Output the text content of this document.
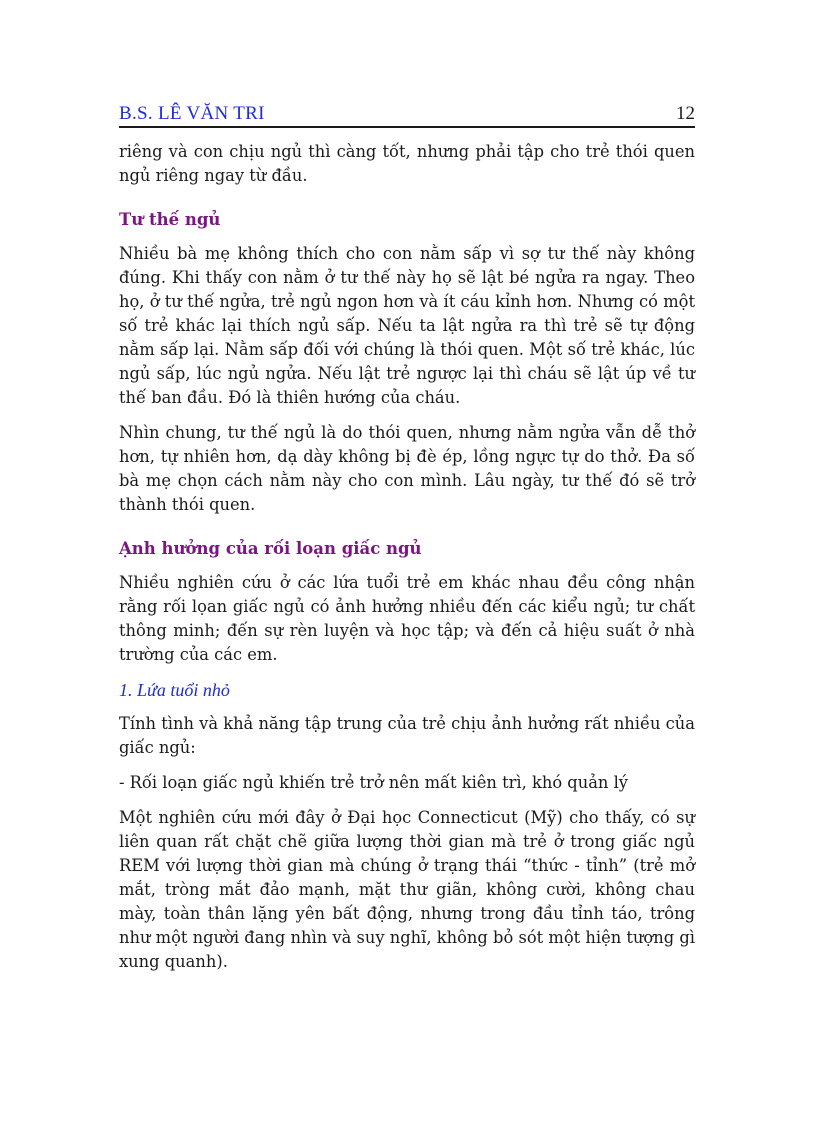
B.S. LÊ VĂN TRI	12

riêng và con chịu ngủ thì càng tốt, nhưng phải tập cho trẻ thói quen ngủ riêng ngay từ đầu.

Tư thế ngủ

Nhiều bà mẹ không thích cho con nằm sấp vì sợ tư thế này không đúng. Khi thấy con nằm ở tư thế này họ sẽ lật bé ngửa ra ngay. Theo họ, ở tư thế ngửa, trẻ ngủ ngon hơn và ít cáu kỉnh hơn. Nhưng có một số trẻ khác lại thích ngủ sấp. Nếu ta lật ngửa ra thì trẻ sẽ tự động nằm sấp lại. Nằm sấp đối với chúng là thói quen. Một số trẻ khác, lúc ngủ sấp, lúc ngủ ngửa. Nếu lật trẻ ngược lại thì cháu sẽ lật úp về tư thế ban đầu. Đó là thiên hướng của cháu.

Nhìn chung, tư thế ngủ là do thói quen, nhưng nằm ngửa vẫn dễ thở hơn, tự nhiên hơn, dạ dày không bị đè ép, lồng ngực tự do thở. Đa số bà mẹ chọn cách nằm này cho con mình. Lâu ngày, tư thế đó sẽ trở thành thói quen.

Ạnh hưởng của rối loạn giấc ngủ

Nhiều nghiên cứu ở các lứa tuổi trẻ em khác nhau đều công nhận rằng rối lọan giấc ngủ có ảnh hưởng nhiều đến các kiểu ngủ; tư chất thông minh; đến sự rèn luyện và học tập; và đến cả hiệu suất ở nhà trường của các em.

1. Lứa tuổi nhỏ

Tính tình và khả năng tập trung của trẻ chịu ảnh hưởng rất nhiều của giấc ngủ:

- Rối loạn giấc ngủ khiến trẻ trở nên mất kiên trì, khó quản lý

Một nghiên cứu mới đây ở Đại học Connecticut (Mỹ) cho thấy, có sự liên quan rất chặt chẽ giữa lượng thời gian mà trẻ ở trong giấc ngủ REM với lượng thời gian mà chúng ở trạng thái “thức - tỉnh” (trẻ mở mắt, tròng mắt đảo mạnh, mặt thư giãn, không cười, không chau mày, toàn thân lặng yên bất động, nhưng trong đầu tỉnh táo, trông như một người đang nhìn và suy nghĩ, không bỏ sót một hiện tượng gì xung quanh).
